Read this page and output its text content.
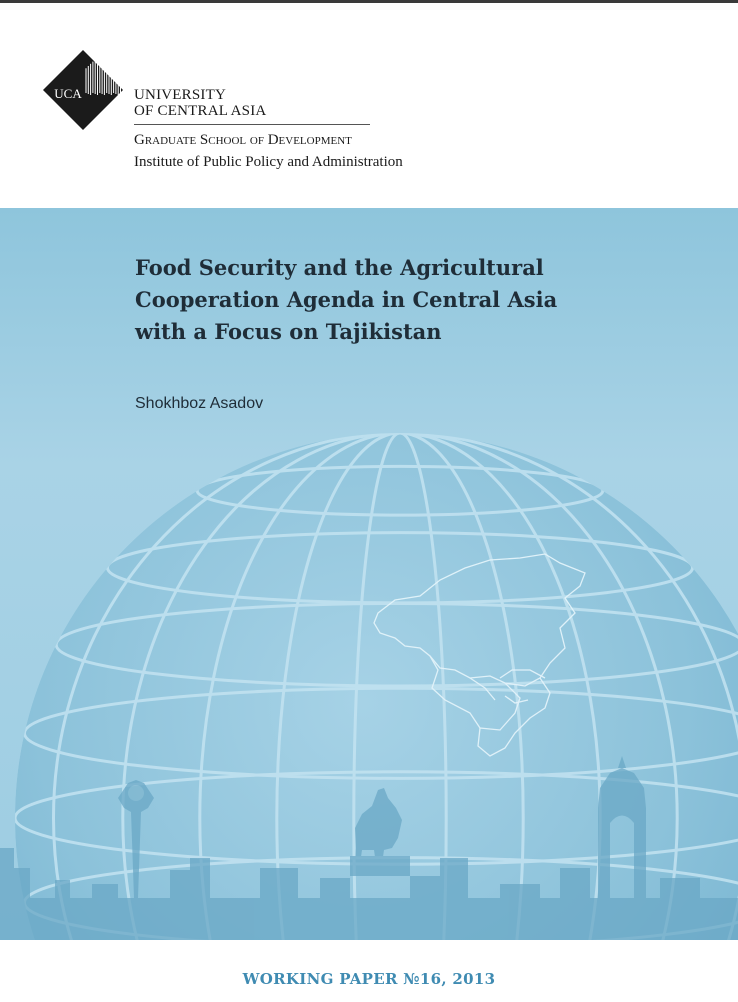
UCA	UNIVERSITY
OF CENTRAL ASIA
Graduate School of Development
Institute of Public Policy and Administration
Food Security and the Agricultural
Cooperation Agenda in Central Asia
with a Focus on Tajikistan
Shokhboz Asadov
WORKING PAPER №16, 2013
